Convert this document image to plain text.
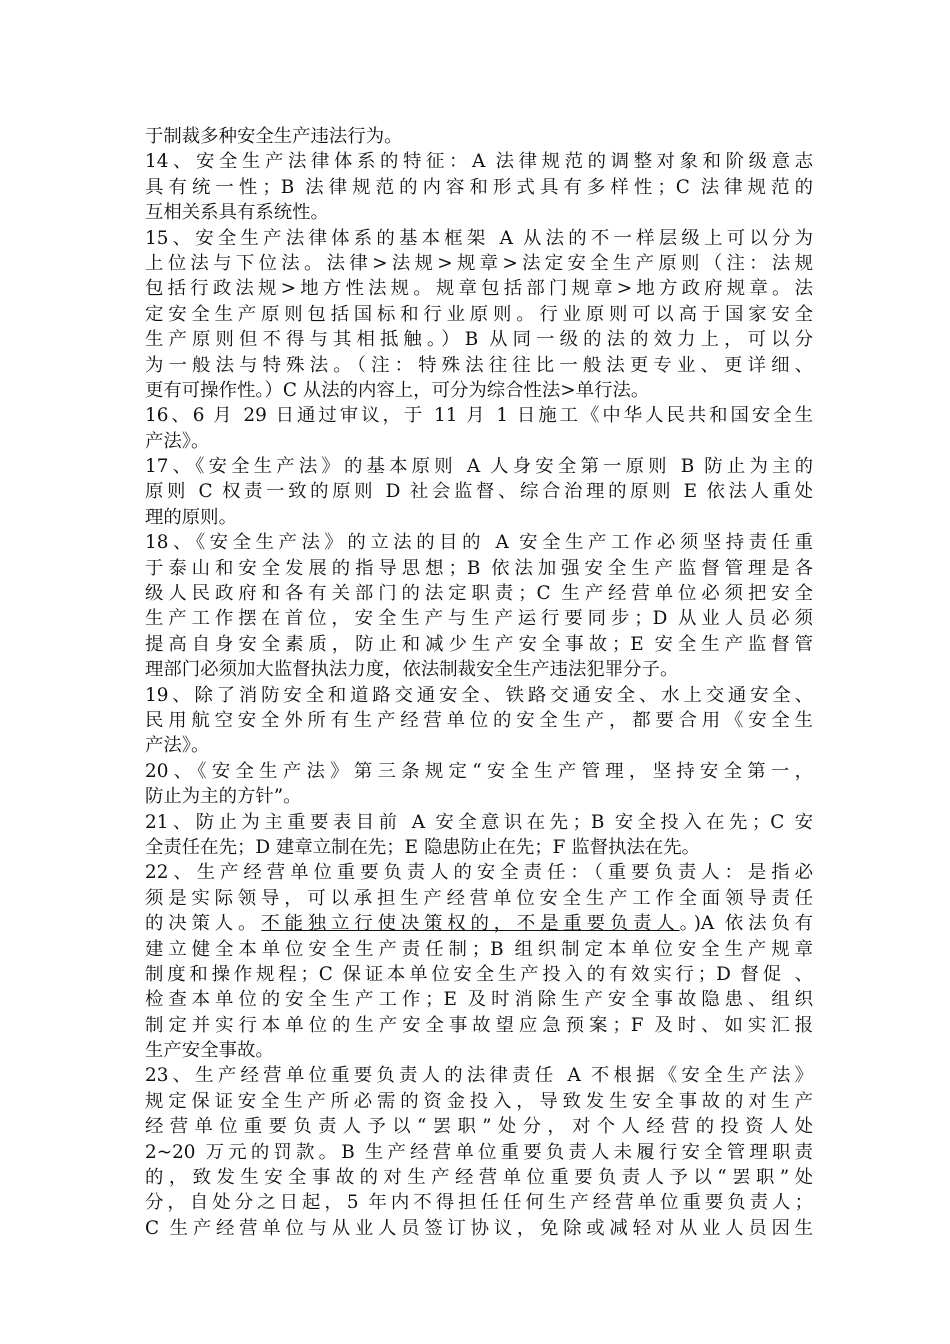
于制裁多种安全生产违法行为。
14、安全生产法律体系的特征：A 法律规范的调整对象和阶级意志
具有统一性；B 法律规范的内容和形式具有多样性；C 法律规范的
互相关系具有系统性。
15、安全生产法律体系的基本框架 A 从法的不一样层级上可以分为
上位法与下位法。法律>法规>规章>法定安全生产原则（注：法规
包括行政法规>地方性法规。规章包括部门规章>地方政府规章。法
定安全生产原则包括国标和行业原则。行业原则可以高于国家安全
生产原则但不得与其相抵触。）B 从同一级的法的效力上，可以分
为一般法与特殊法。（注：特殊法往往比一般法更专业、更详细、
更有可操作性。）C 从法的内容上，可分为综合性法>单行法。
16、6 月 29 日通过审议，于 11 月 1 日施工《中华人民共和国安全生
产法》。
17、《安全生产法》的基本原则 A 人身安全第一原则 B 防止为主的
原则 C 权责一致的原则 D 社会监督、综合治理的原则 E 依法人重处
理的原则。
18、《安全生产法》的立法的目的 A 安全生产工作必须坚持责任重
于泰山和安全发展的指导思想；B 依法加强安全生产监督管理是各
级人民政府和各有关部门的法定职责；C 生产经营单位必须把安全
生产工作摆在首位，安全生产与生产运行要同步；D 从业人员必须
提高自身安全素质，防止和减少生产安全事故；E 安全生产监督管
理部门必须加大监督执法力度，依法制裁安全生产违法犯罪分子。
19、除了消防安全和道路交通安全、铁路交通安全、水上交通安全、
民用航空安全外所有生产经营单位的安全生产，都要合用《安全生
产法》。
20、《安全生产法》第三条规定“安全生产管理，坚持安全第一，
防止为主的方针”。
21、防止为主重要表目前 A 安全意识在先；B 安全投入在先；C 安
全责任在先；D 建章立制在先；E 隐患防止在先；F 监督执法在先。
22、生产经营单位重要负责人的安全责任：（重要负责人：是指必
须是实际领导，可以承担生产经营单位安全生产工作全面领导责任
的决策人。不能独立行使决策权的，不是重要负责人。)A 依法负有
建立健全本单位安全生产责任制；B 组织制定本单位安全生产规章
制度和操作规程；C 保证本单位安全生产投入的有效实行；D 督促 、
检查本单位的安全生产工作；E 及时消除生产安全事故隐患、组织
制定并实行本单位的生产安全事故望应急预案；F 及时、如实汇报
生产安全事故。
23、生产经营单位重要负责人的法律责任 A 不根据《安全生产法》
规定保证安全生产所必需的资金投入，导致发生安全事故的对生产
经营单位重要负责人予以“罢职”处分，对个人经营的投资人处
2~20 万元的罚款。B 生产经营单位重要负责人未履行安全管理职责
的，致发生安全事故的对生产经营单位重要负责人予以“罢职”处
分，自处分之日起，5 年内不得担任任何生产经营单位重要负责人；
C 生产经营单位与从业人员签订协议，免除或减轻对从业人员因生
